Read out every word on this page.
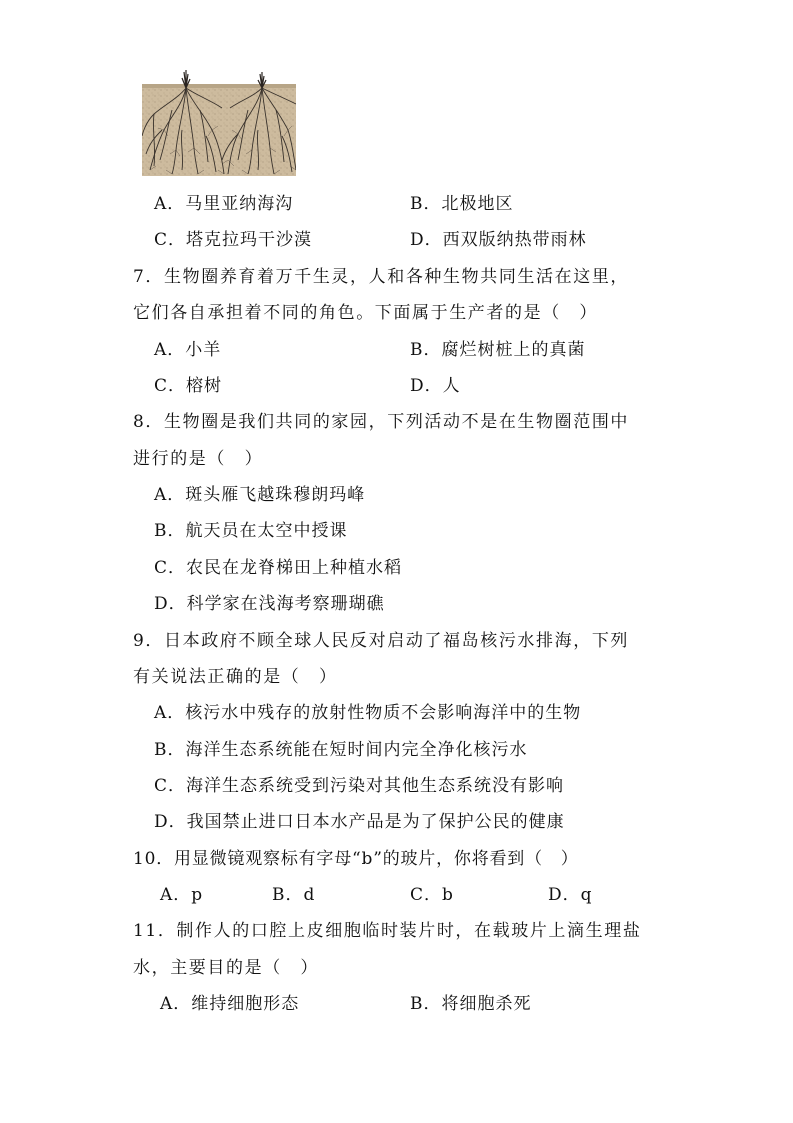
A．马里亚纳海沟	B．北极地区
C．塔克拉玛干沙漠	D．西双版纳热带雨林
7．生物圈养育着万千生灵，人和各种生物共同生活在这里，
它们各自承担着不同的角色。下面属于生产者的是（　）
A．小羊	B．腐烂树桩上的真菌
C．榕树	D．人
8．生物圈是我们共同的家园，下列活动不是在生物圈范围中
进行的是（　）
A．斑头雁飞越珠穆朗玛峰
B．航天员在太空中授课
C．农民在龙脊梯田上种植水稻
D．科学家在浅海考察珊瑚礁
9．日本政府不顾全球人民反对启动了福岛核污水排海，下列
有关说法正确的是（　）
A．核污水中残存的放射性物质不会影响海洋中的生物
B．海洋生态系统能在短时间内完全净化核污水
C．海洋生态系统受到污染对其他生态系统没有影响
D．我国禁止进口日本水产品是为了保护公民的健康
10．用显微镜观察标有字母“b”的玻片，你将看到（　）
A．p	B．d	C．b	D．q
11．制作人的口腔上皮细胞临时装片时，在载玻片上滴生理盐
水，主要目的是（　）
A．维持细胞形态	B．将细胞杀死
